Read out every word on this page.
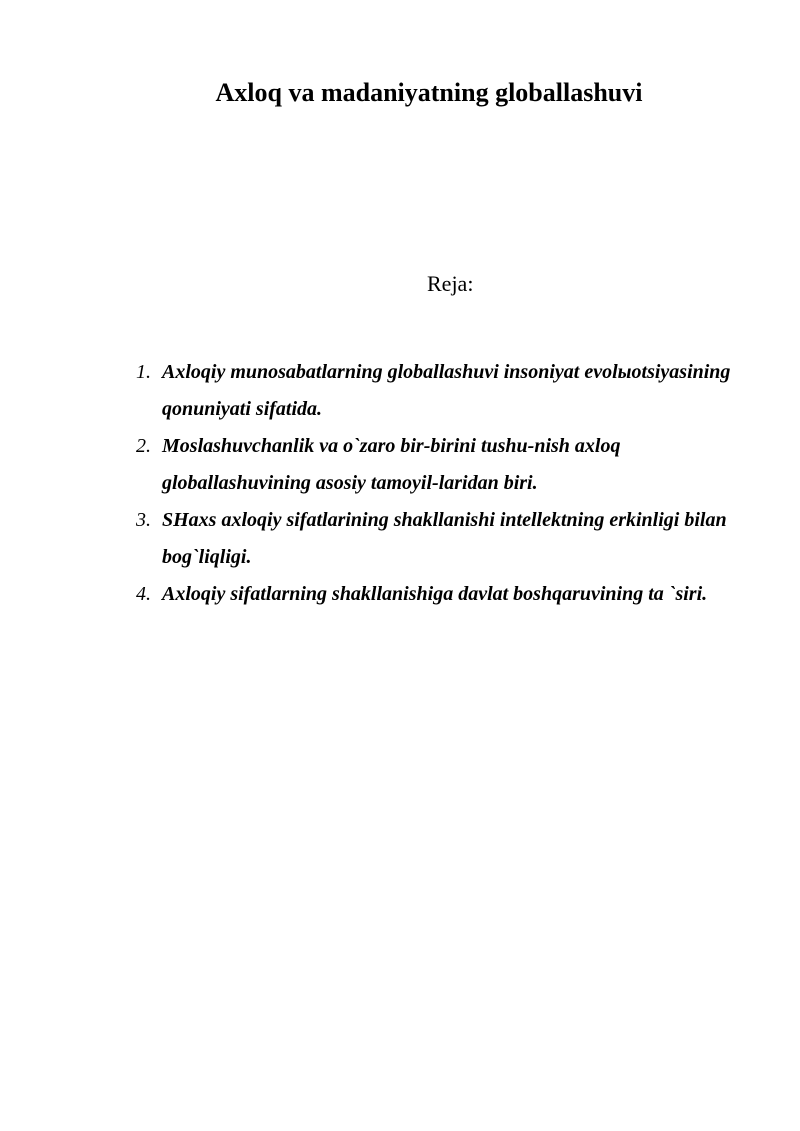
Axloq va madaniyatning globallashuvi

Reja:

1. Axloqiy munosabatlarning globallashuvi insoniyat evolыotsiyasining qonuniyati sifatida.
2. Moslashuvchanlik va o`zaro bir-birini tushu-nish axloq globallashuvining asosiy tamoyil-laridan biri.
3. SHaxs axloqiy sifatlarining shakllanishi intellektning erkinligi bilan bog`liqligi.
4. Axloqiy sifatlarning shakllanishiga davlat boshqaruvining ta `siri.
